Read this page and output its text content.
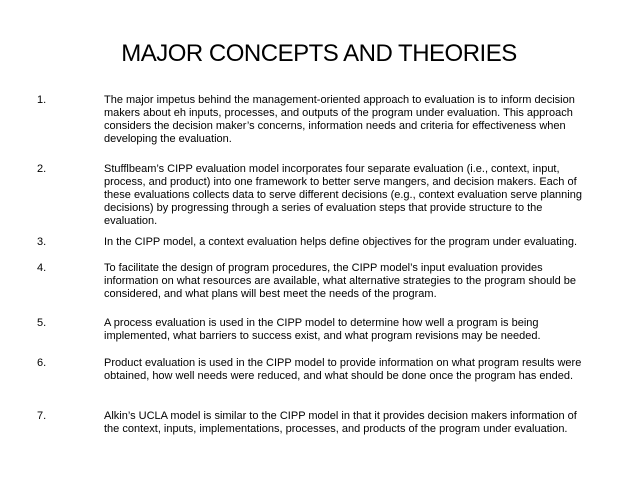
MAJOR CONCEPTS AND THEORIES
1.	The major impetus behind the management-oriented approach to evaluation is to inform decision makers about eh inputs, processes, and outputs of the program under evaluation. This approach considers the decision maker’s concerns, information needs and criteria for effectiveness when developing the evaluation.
2.	Stufflbeam’s CIPP evaluation model incorporates four separate evaluation (i.e., context, input, process, and product) into one framework to better serve mangers, and decision makers. Each of these evaluations collects data to serve different decisions (e.g., context evaluation serve planning decisions) by progressing through a series of evaluation steps that provide structure to the evaluation.
3.	In the CIPP model, a context evaluation helps define objectives for the program under evaluating.
4.	To facilitate the design of program procedures, the CIPP model’s input evaluation provides information on what resources are available, what alternative strategies to the program should be considered, and what plans will best meet the needs of the program.
5.	A process evaluation is used in the CIPP model to determine how well a program is being implemented, what barriers to success exist, and what program revisions may be needed.
6.	Product evaluation is used in the CIPP model to provide information on what program results were obtained, how well needs were reduced, and what should be done once the program has ended.
7.	Alkin’s UCLA model is similar to the CIPP model in that it provides decision makers information of the context, inputs, implementations, processes, and products of the program under evaluation.
